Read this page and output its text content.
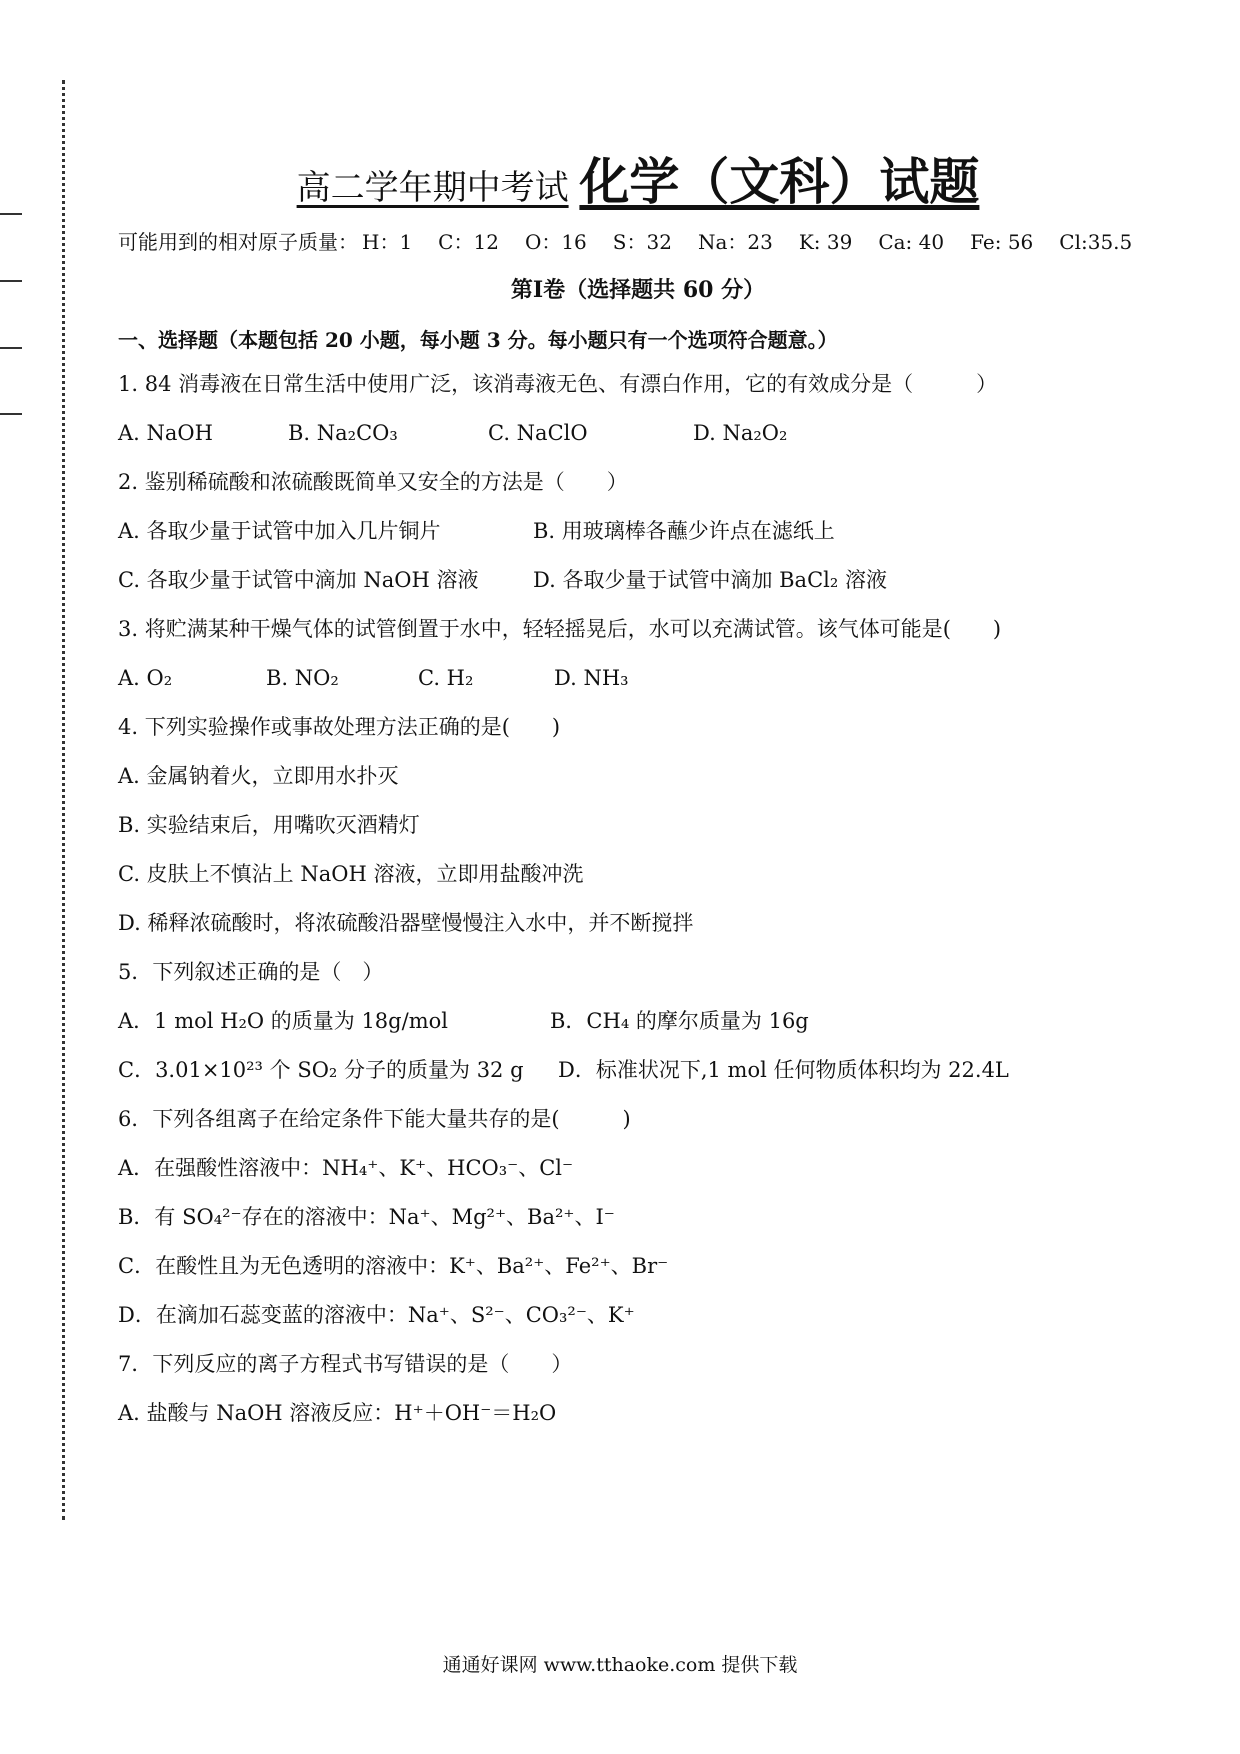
高二学年期中考试 化学（文科）试题
可能用到的相对原子质量： H：1 C：12 O：16 S：32 Na：23 K: 39 Ca: 40 Fe: 56 Cl:35.5
第Ⅰ卷（选择题共 60 分）
一、选择题（本题包括 20 小题，每小题 3 分。每小题只有一个选项符合题意。）
1. 84 消毒液在日常生活中使用广泛，该消毒液无色、有漂白作用，它的有效成分是（　　　）
A. NaOH	B. Na₂CO₃	C. NaClO	D. Na₂O₂
2. 鉴别稀硫酸和浓硫酸既简单又安全的方法是（　　）
A. 各取少量于试管中加入几片铜片	B. 用玻璃棒各蘸少许点在滤纸上
C. 各取少量于试管中滴加 NaOH 溶液	D. 各取少量于试管中滴加 BaCl₂ 溶液
3. 将贮满某种干燥气体的试管倒置于水中，轻轻摇晃后，水可以充满试管。该气体可能是(　　)
A. O₂	B. NO₂	C. H₂	D. NH₃
4. 下列实验操作或事故处理方法正确的是(　　)
A. 金属钠着火，立即用水扑灭
B. 实验结束后，用嘴吹灭酒精灯
C. 皮肤上不慎沾上 NaOH 溶液，立即用盐酸冲洗
D. 稀释浓硫酸时，将浓硫酸沿器壁慢慢注入水中，并不断搅拌
5．下列叙述正确的是（　）
A．1 mol H₂O 的质量为 18g/mol	B．CH₄ 的摩尔质量为 16g
C．3.01×10²³ 个 SO₂ 分子的质量为 32 g D．标准状况下,1 mol 任何物质体积均为 22.4L
6．下列各组离子在给定条件下能大量共存的是(　　　)
A．在强酸性溶液中：NH₄⁺、K⁺、HCO₃⁻、Cl⁻
B．有 SO₄²⁻存在的溶液中：Na⁺、Mg²⁺、Ba²⁺、I⁻
C．在酸性且为无色透明的溶液中：K⁺、Ba²⁺、Fe²⁺、Br⁻
D．在滴加石蕊变蓝的溶液中：Na⁺、S²⁻、CO₃²⁻、K⁺
7．下列反应的离子方程式书写错误的是（　　）
A. 盐酸与 NaOH 溶液反应：H⁺＋OH⁻＝H₂O
通通好课网 www.tthaoke.com 提供下载
